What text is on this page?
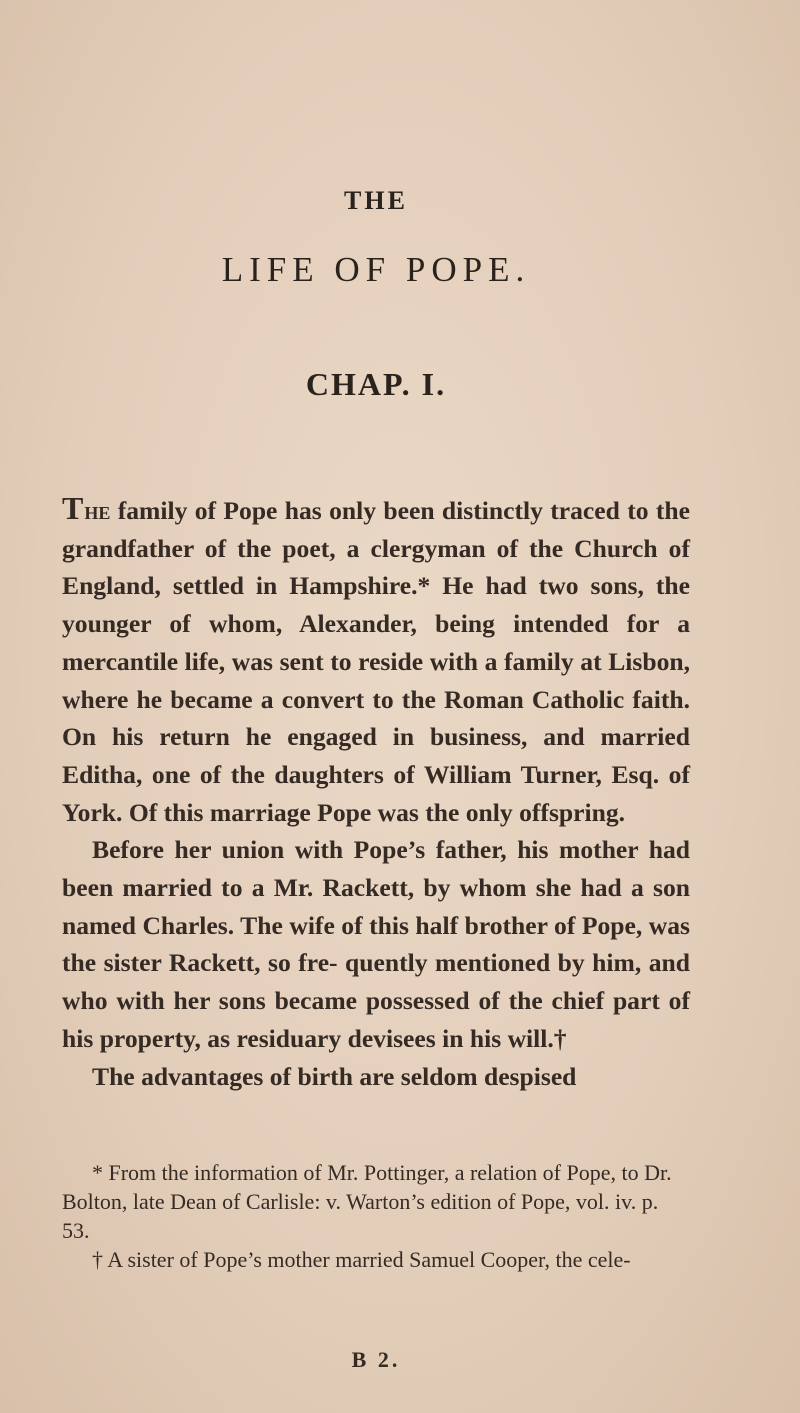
THE
LIFE OF POPE.
CHAP. I.

The family of Pope has only been distinctly traced to the grandfather of the poet, a clergyman of the Church of England, settled in Hampshire.* He had two sons, the younger of whom, Alexander, being intended for a mercantile life, was sent to reside with a family at Lisbon, where he became a convert to the Roman Catholic faith. On his return he engaged in business, and married Editha, one of the daughters of William Turner, Esq. of York. Of this marriage Pope was the only offspring.

Before her union with Pope’s father, his mother had been married to a Mr. Rackett, by whom she had a son named Charles. The wife of this half brother of Pope, was the sister Rackett, so fre- quently mentioned by him, and who with her sons became possessed of the chief part of his property, as residuary devisees in his will.†

The advantages of birth are seldom despised

* From the information of Mr. Pottinger, a relation of Pope, to Dr. Bolton, late Dean of Carlisle: v. Warton’s edition of Pope, vol. iv. p. 53.

† A sister of Pope’s mother married Samuel Cooper, the cele-

B 2.
